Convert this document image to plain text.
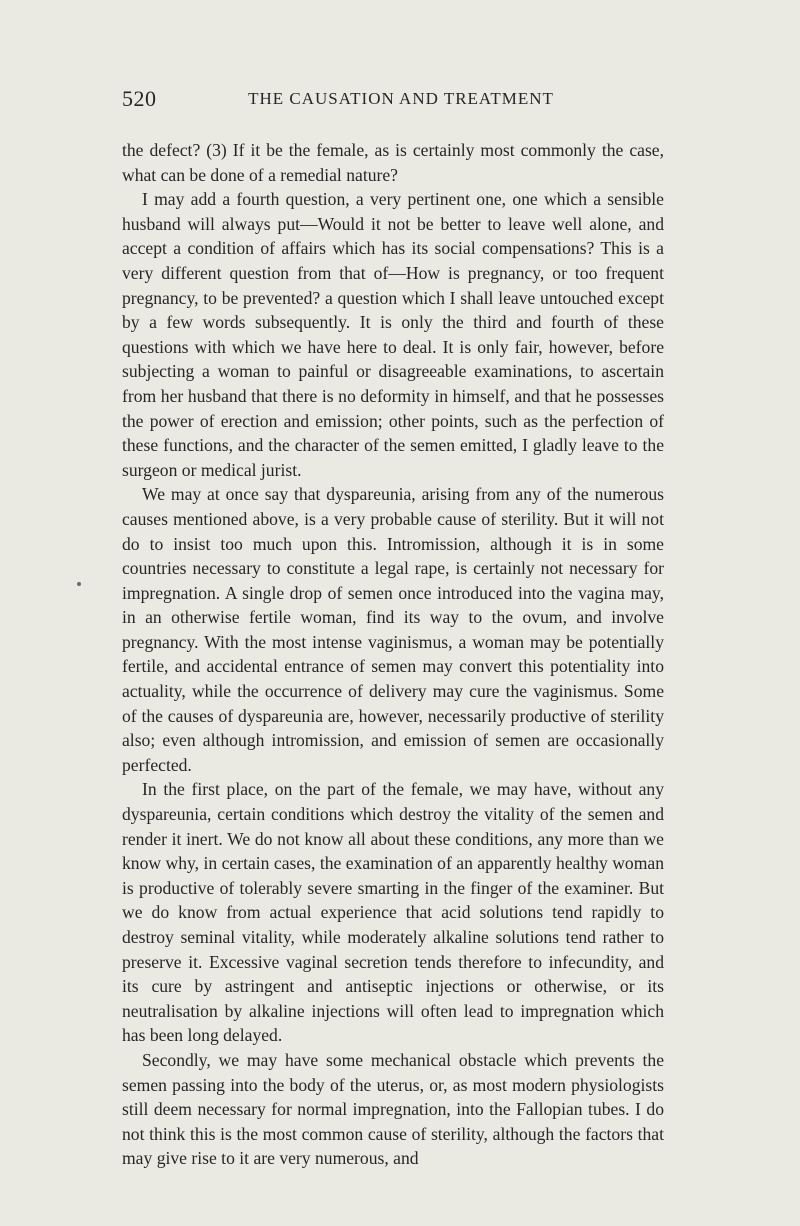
520	THE CAUSATION AND TREATMENT

the defect? (3) If it be the female, as is certainly most commonly the case, what can be done of a remedial nature?

I may add a fourth question, a very pertinent one, one which a sensible husband will always put—Would it not be better to leave well alone, and accept a condition of affairs which has its social compensations? This is a very different question from that of—How is pregnancy, or too frequent pregnancy, to be prevented? a question which I shall leave untouched except by a few words subsequently. It is only the third and fourth of these questions with which we have here to deal. It is only fair, however, before subjecting a woman to painful or disagreeable examinations, to ascertain from her husband that there is no deformity in himself, and that he possesses the power of erection and emission; other points, such as the perfection of these functions, and the character of the semen emitted, I gladly leave to the surgeon or medical jurist.

We may at once say that dyspareunia, arising from any of the numerous causes mentioned above, is a very probable cause of sterility. But it will not do to insist too much upon this. Intromission, although it is in some countries necessary to constitute a legal rape, is certainly not necessary for impregnation. A single drop of semen once introduced into the vagina may, in an otherwise fertile woman, find its way to the ovum, and involve pregnancy. With the most intense vaginismus, a woman may be potentially fertile, and accidental entrance of semen may convert this potentiality into actuality, while the occurrence of delivery may cure the vaginismus. Some of the causes of dyspareunia are, however, necessarily productive of sterility also; even although intromission, and emission of semen are occasionally perfected.

In the first place, on the part of the female, we may have, without any dyspareunia, certain conditions which destroy the vitality of the semen and render it inert. We do not know all about these conditions, any more than we know why, in certain cases, the examination of an apparently healthy woman is productive of tolerably severe smarting in the finger of the examiner. But we do know from actual experience that acid solutions tend rapidly to destroy seminal vitality, while moderately alkaline solutions tend rather to preserve it. Excessive vaginal secretion tends therefore to infecundity, and its cure by astringent and antiseptic injections or otherwise, or its neutralisation by alkaline injections will often lead to impregnation which has been long delayed.

Secondly, we may have some mechanical obstacle which prevents the semen passing into the body of the uterus, or, as most modern physiologists still deem necessary for normal impregnation, into the Fallopian tubes. I do not think this is the most common cause of sterility, although the factors that may give rise to it are very numerous, and
